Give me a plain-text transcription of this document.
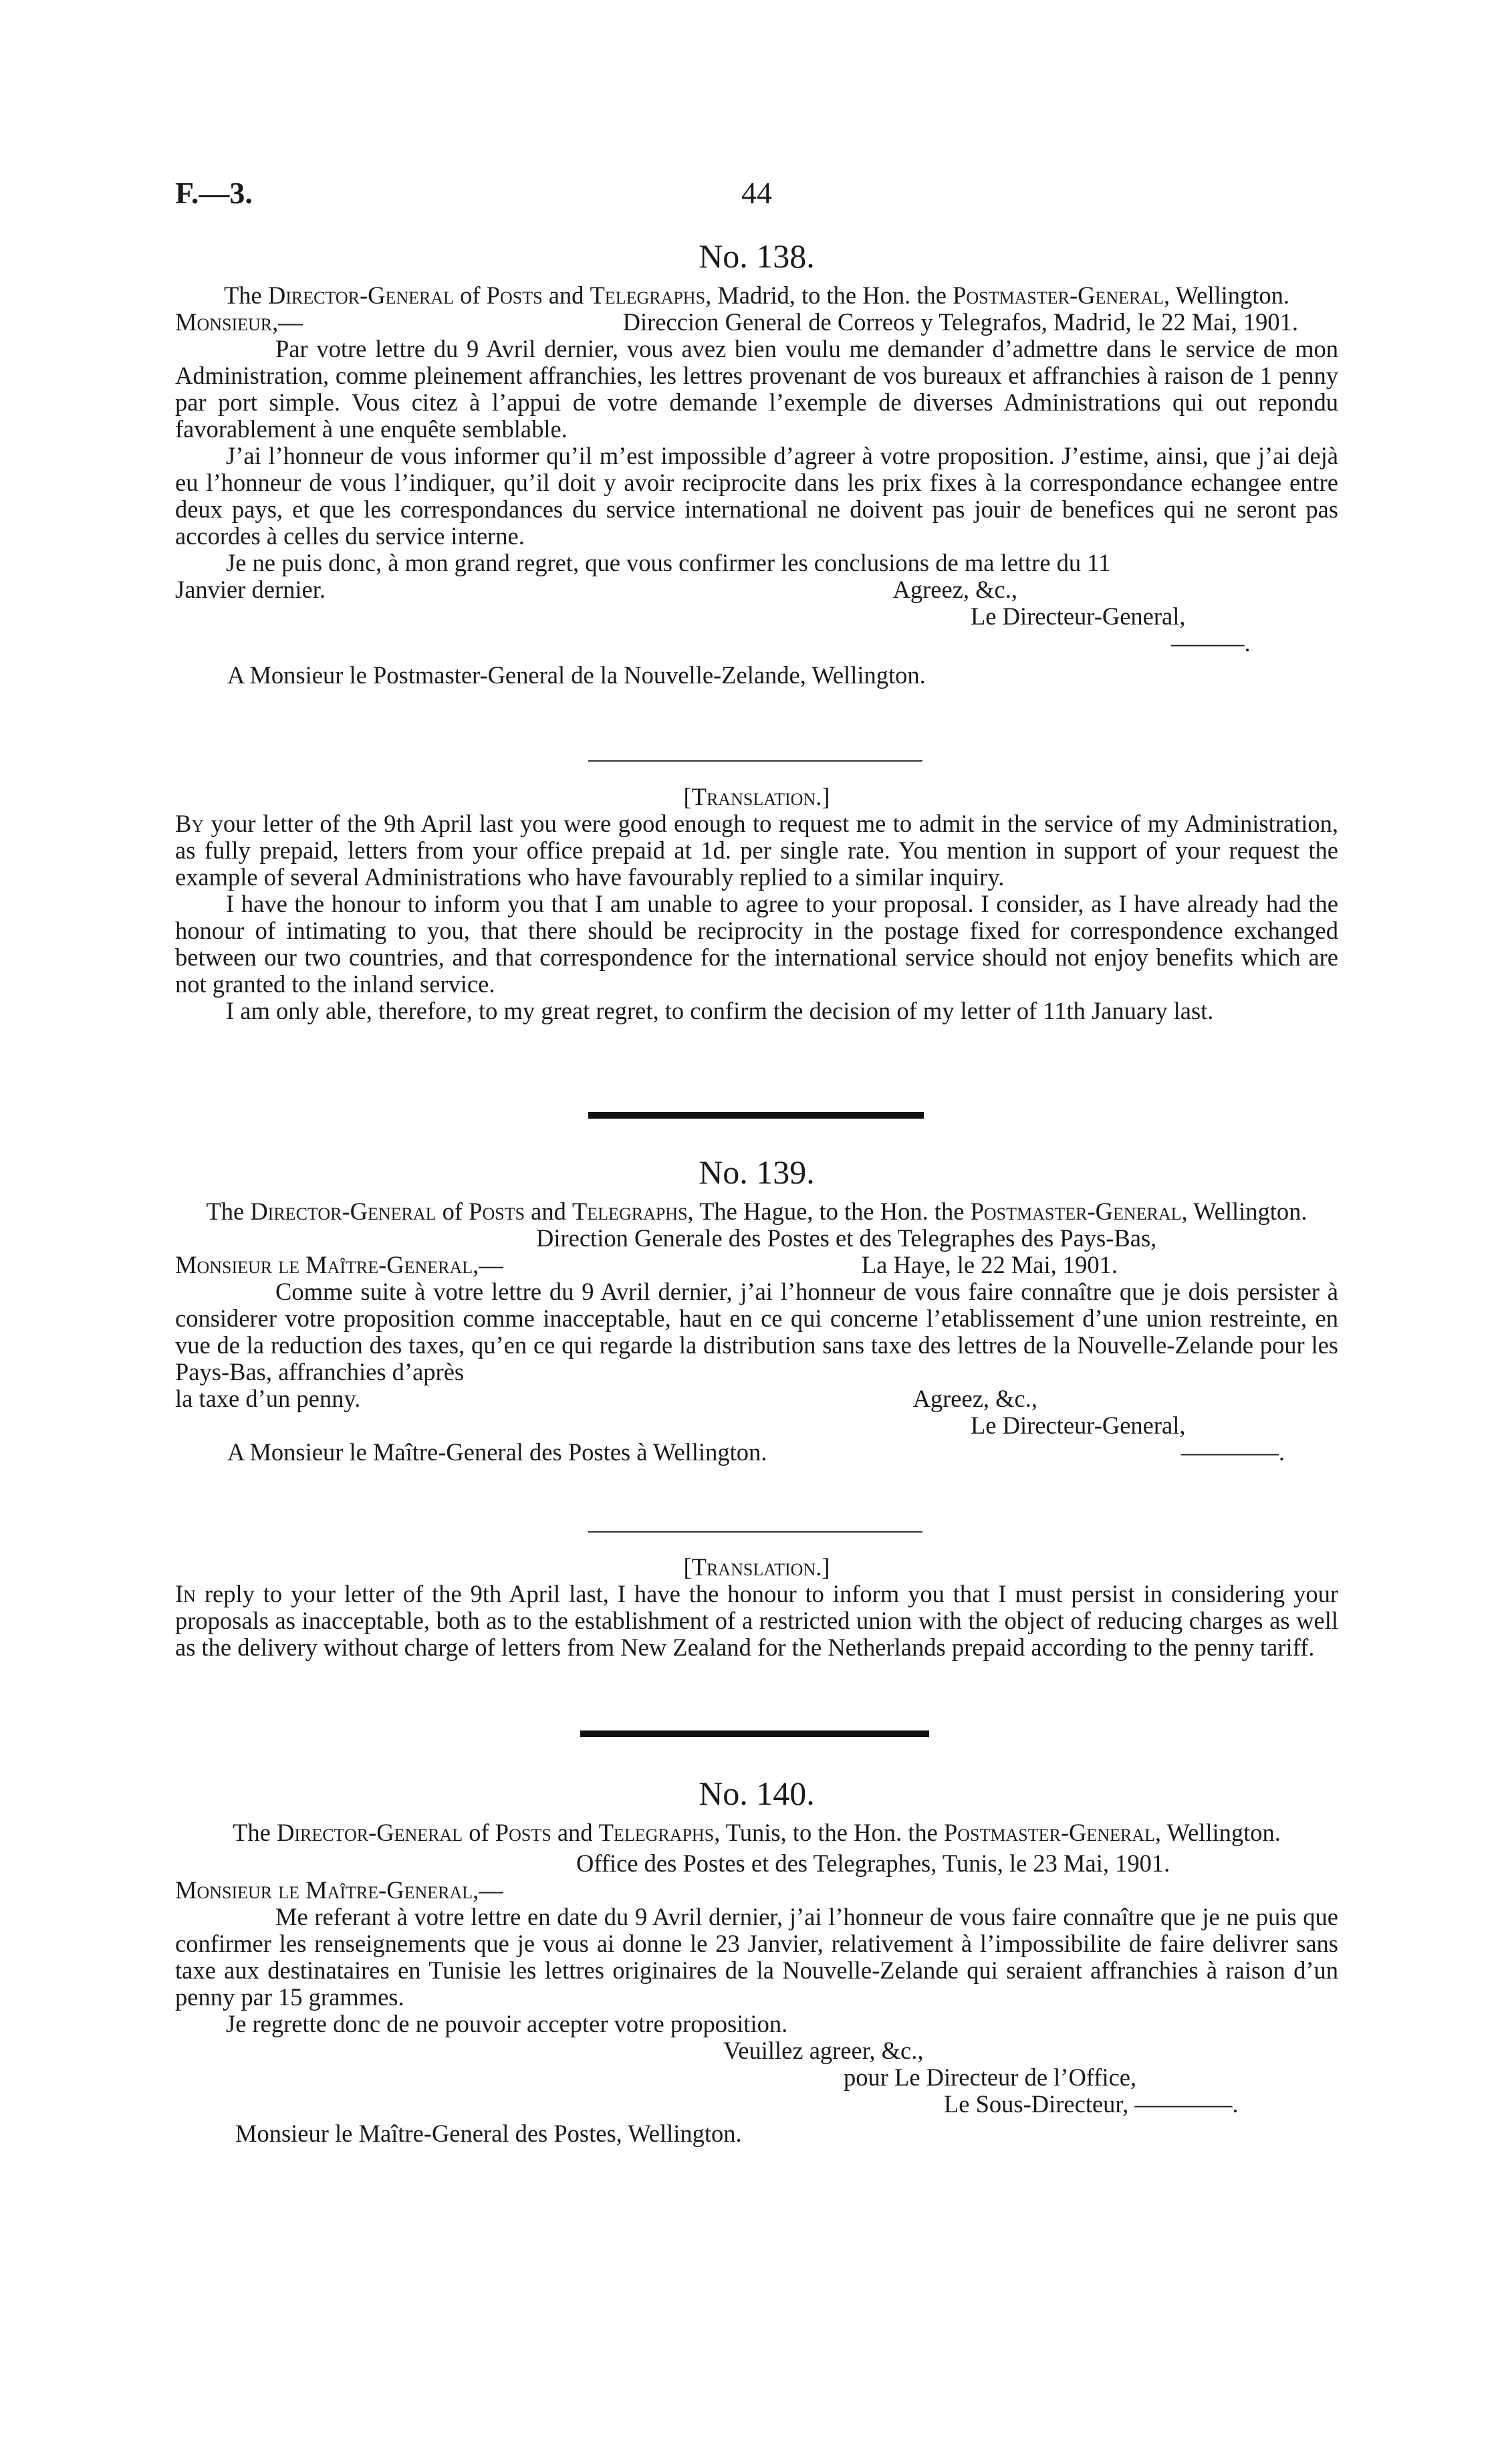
F.—3.	44

No. 138.

The Director-General of Posts and Telegraphs, Madrid, to the Hon. the Postmaster-General, Wellington.

Monsieur,—	Direccion General de Correos y Telegrafos, Madrid, le 22 Mai, 1901.

Par votre lettre du 9 Avril dernier, vous avez bien voulu me demander d’admettre dans le service de mon Administration, comme pleinement affranchies, les lettres provenant de vos bureaux et affranchies à raison de 1 penny par port simple. Vous citez à l’appui de votre demande l’exemple de diverses Administrations qui out repondu favorablement à une enquête semblable.

J’ai l’honneur de vous informer qu’il m’est impossible d’agreer à votre proposition. J’estime, ainsi, que j’ai dejà eu l’honneur de vous l’indiquer, qu’il doit y avoir reciprocite dans les prix fixes à la correspondance echangee entre deux pays, et que les correspondances du service international ne doivent pas jouir de benefices qui ne seront pas accordes à celles du service interne.

Je ne puis donc, à mon grand regret, que vous confirmer les conclusions de ma lettre du 11

Janvier dernier.	Agreez, &c.,

Le Directeur-General,

———.

A Monsieur le Postmaster-General de la Nouvelle-Zelande, Wellington.

[Translation.]

By your letter of the 9th April last you were good enough to request me to admit in the service of my Administration, as fully prepaid, letters from your office prepaid at 1d. per single rate. You mention in support of your request the example of several Administrations who have favourably replied to a similar inquiry.

I have the honour to inform you that I am unable to agree to your proposal. I consider, as I have already had the honour of intimating to you, that there should be reciprocity in the postage fixed for correspondence exchanged between our two countries, and that correspondence for the international service should not enjoy benefits which are not granted to the inland service.

I am only able, therefore, to my great regret, to confirm the decision of my letter of 11th January last.

No. 139.

The Director-General of Posts and Telegraphs, The Hague, to the Hon. the Postmaster-General, Wellington.

Direction Generale des Postes et des Telegraphes des Pays-Bas,

Monsieur le Maître-General,—	La Haye, le 22 Mai, 1901.

Comme suite à votre lettre du 9 Avril dernier, j’ai l’honneur de vous faire connaître que je dois persister à considerer votre proposition comme inacceptable, haut en ce qui concerne l’etablissement d’une union restreinte, en vue de la reduction des taxes, qu’en ce qui regarde la distribution sans taxe des lettres de la Nouvelle-Zelande pour les Pays-Bas, affranchies d’après

la taxe d’un penny.	Agreez, &c.,

Le Directeur-General,

A Monsieur le Maître-General des Postes à Wellington.	————.

[Translation.]

In reply to your letter of the 9th April last, I have the honour to inform you that I must persist in considering your proposals as inacceptable, both as to the establishment of a restricted union with the object of reducing charges as well as the delivery without charge of letters from New Zealand for the Netherlands prepaid according to the penny tariff.

No. 140.

The Director-General of Posts and Telegraphs, Tunis, to the Hon. the Postmaster-General, Wellington.

Office des Postes et des Telegraphes, Tunis, le 23 Mai, 1901.

Monsieur le Maître-General,—

Me referant à votre lettre en date du 9 Avril dernier, j’ai l’honneur de vous faire connaître que je ne puis que confirmer les renseignements que je vous ai donne le 23 Janvier, relativement à l’impossibilite de faire delivrer sans taxe aux destinataires en Tunisie les lettres originaires de la Nouvelle-Zelande qui seraient affranchies à raison d’un penny par 15 grammes.

Je regrette donc de ne pouvoir accepter votre proposition.

Veuillez agreer, &c.,

pour Le Directeur de l’Office,

Le Sous-Directeur, ————.

Monsieur le Maître-General des Postes, Wellington.
